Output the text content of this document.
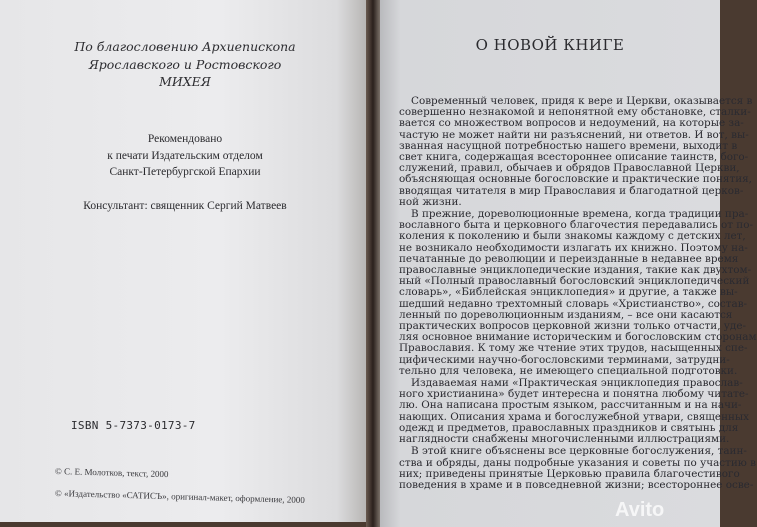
По благословению Архиепископа
Ярославского и Ростовского
МИХЕЯ
Рекомендовано
к печати Издательским отделом
Санкт-Петербургской Епархии
Консультант: священник Сергий Матвеев
ISBN 5-7373-0173-7
© С. Е. Молотков, текст, 2000
© «Издательство «САТИСЪ», оригинал-макет, оформление, 2000
О НОВОЙ КНИГЕ
Современный человек, придя к вере и Церкви, оказывается в
совершенно незнакомой и непонятной ему обстановке, сталки-
вается со множеством вопросов и недоумений, на которые за-
частую не может найти ни разъяснений, ни ответов. И вот, вы-
званная насущной потребностью нашего времени, выходит в
свет книга, содержащая всестороннее описание таинств, бого-
служений, правил, обычаев и обрядов Православной Церкви,
объясняющая основные богословские и практические понятия,
вводящая читателя в мир Православия и благодатной церков-
ной жизни.
В прежние, дореволюционные времена, когда традиции пра-
вославного быта и церковного благочестия передавались от по-
коления к поколению и были знакомы каждому с детских лет,
не возникало необходимости излагать их книжно. Поэтому на-
печатанные до революции и переизданные в недавнее время
православные энциклопедические издания, такие как двухтом-
ный «Полный православный богословский энциклопедический
словарь», «Библейская энциклопедия» и другие, а также вы-
шедший недавно трехтомный словарь «Христианство», состав-
ленный по дореволюционным изданиям, – все они касаются
практических вопросов церковной жизни только отчасти, уде-
ляя основное внимание историческим и богословским сторонам
Православия. К тому же чтение этих трудов, насыщенных спе-
цифическими научно-богословскими терминами, затрудни-
тельно для человека, не имеющего специальной подготовки.
Издаваемая нами «Практическая энциклопедия православ-
ного христианина» будет интересна и понятна любому читате-
лю. Она написана простым языком, рассчитанным и на начи-
нающих. Описания храма и богослужебной утвари, священных
одежд и предметов, православных праздников и святынь для
наглядности снабжены многочисленными иллюстрациями.
В этой книге объяснены все церковные богослужения, таин-
ства и обряды, даны подробные указания и советы по участию в
них; приведены принятые Церковью правила благочестивого
поведения в храме и в повседневной жизни; всестороннее осве-
Avito
